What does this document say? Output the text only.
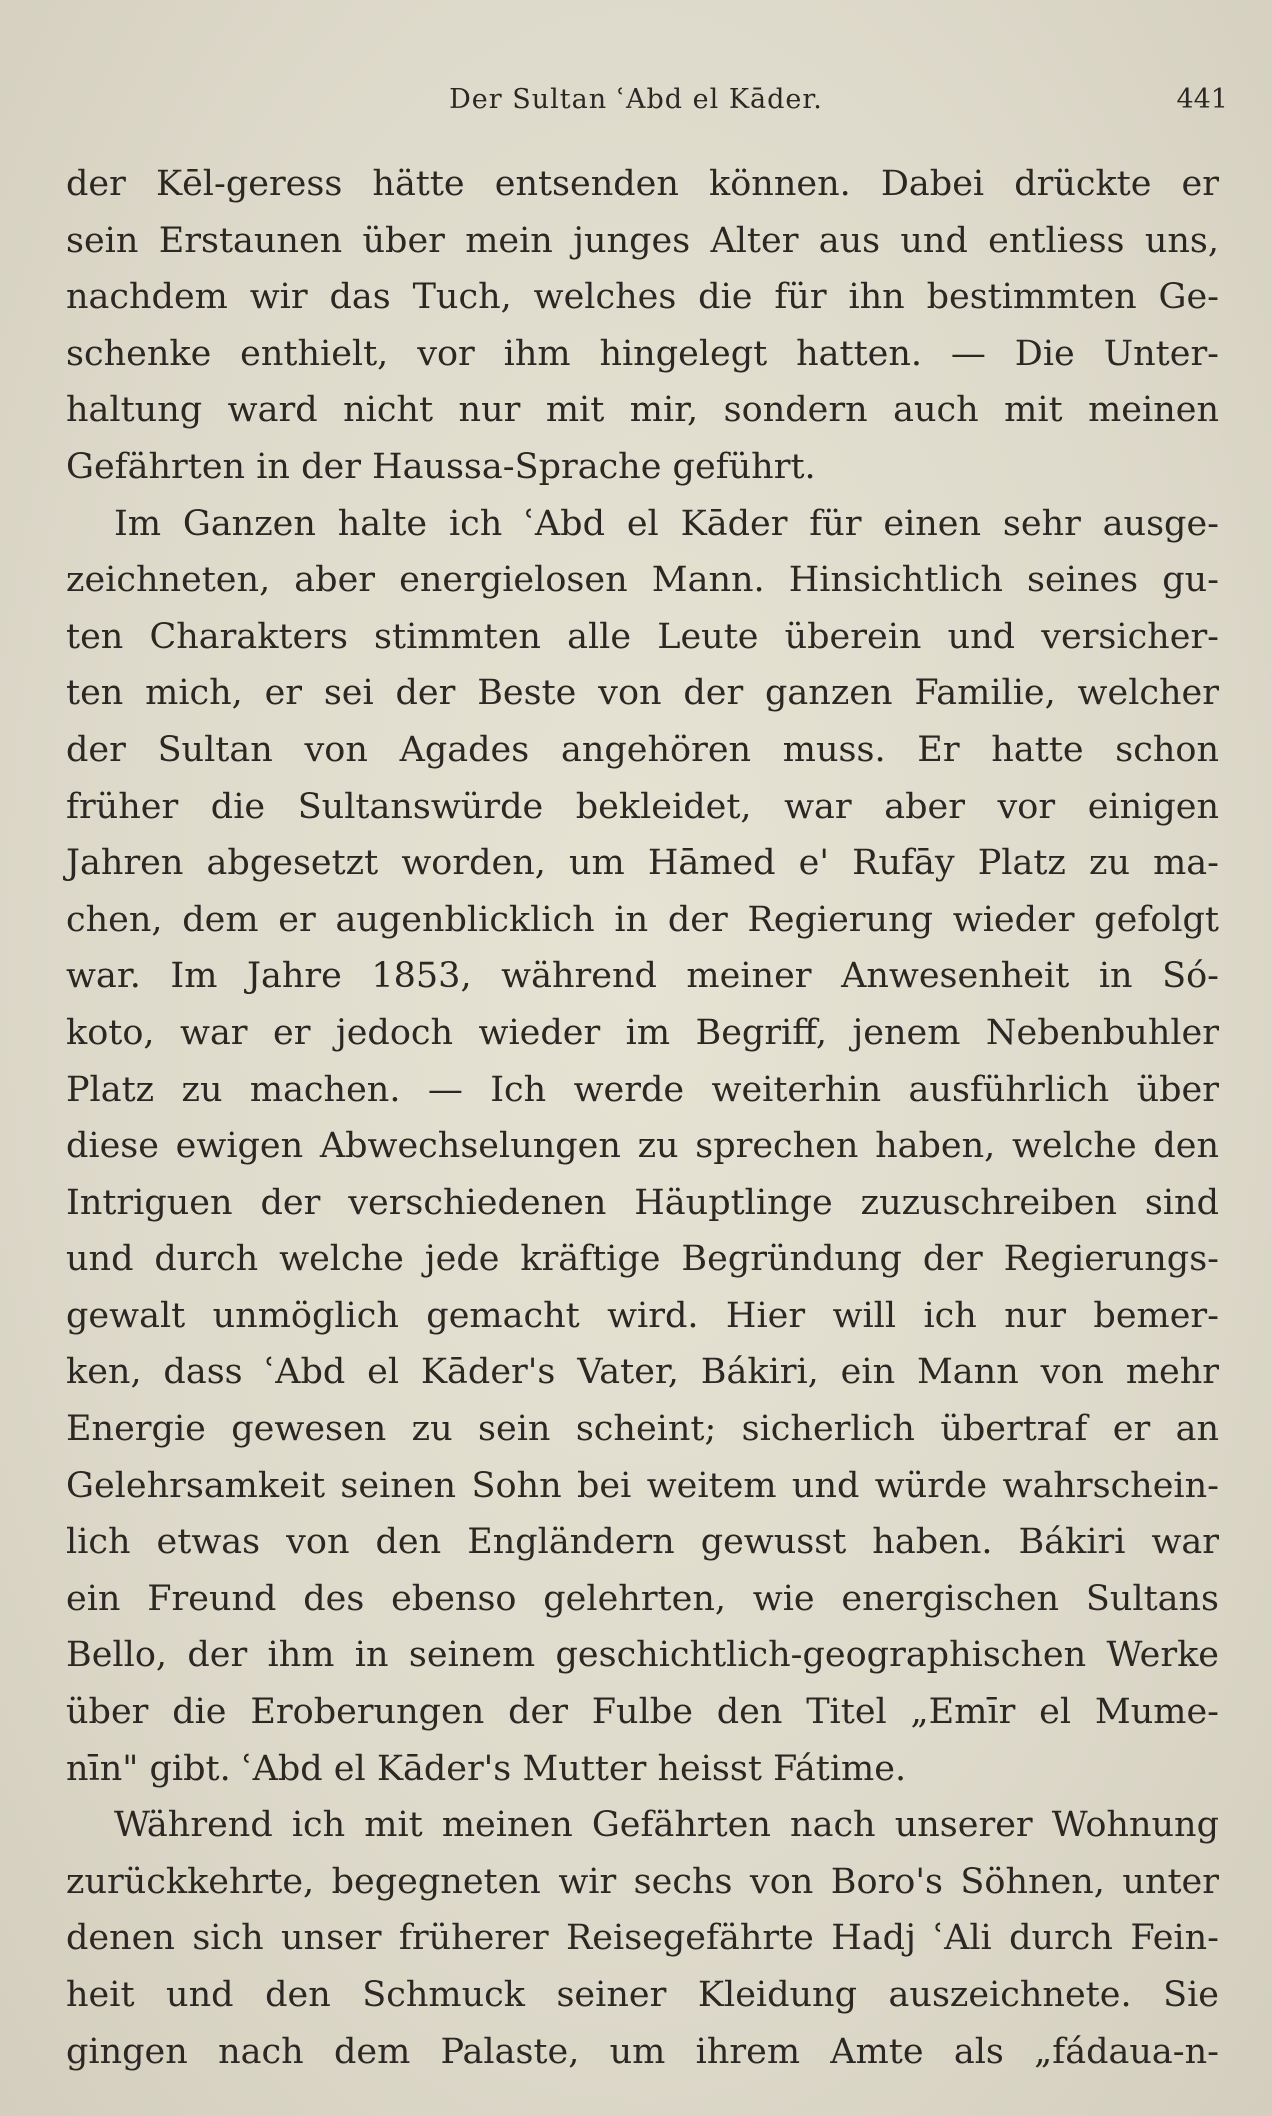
Der Sultan ʿAbd el Kāder.	441
der Kēl-geress hätte entsenden können. Dabei drückte er
sein Erstaunen über mein junges Alter aus und entliess uns,
nachdem wir das Tuch, welches die für ihn bestimmten Ge-
schenke enthielt, vor ihm hingelegt hatten. — Die Unter-
haltung ward nicht nur mit mir, sondern auch mit meinen
Gefährten in der Haussa-Sprache geführt.
Im Ganzen halte ich ʿAbd el Kāder für einen sehr ausge-
zeichneten, aber energielosen Mann. Hinsichtlich seines gu-
ten Charakters stimmten alle Leute überein und versicher-
ten mich, er sei der Beste von der ganzen Familie, welcher
der Sultan von Agades angehören muss. Er hatte schon
früher die Sultanswürde bekleidet, war aber vor einigen
Jahren abgesetzt worden, um Hāmed e' Rufāy Platz zu ma-
chen, dem er augenblicklich in der Regierung wieder gefolgt
war. Im Jahre 1853, während meiner Anwesenheit in Só-
koto, war er jedoch wieder im Begriff, jenem Nebenbuhler
Platz zu machen. — Ich werde weiterhin ausführlich über
diese ewigen Abwechselungen zu sprechen haben, welche den
Intriguen der verschiedenen Häuptlinge zuzuschreiben sind
und durch welche jede kräftige Begründung der Regierungs-
gewalt unmöglich gemacht wird. Hier will ich nur bemer-
ken, dass ʿAbd el Kāder's Vater, Bákiri, ein Mann von mehr
Energie gewesen zu sein scheint; sicherlich übertraf er an
Gelehrsamkeit seinen Sohn bei weitem und würde wahrschein-
lich etwas von den Engländern gewusst haben. Bákiri war
ein Freund des ebenso gelehrten, wie energischen Sultans
Bello, der ihm in seinem geschichtlich-geographischen Werke
über die Eroberungen der Fulbe den Titel „Emīr el Mume-
nīn" gibt. ʿAbd el Kāder's Mutter heisst Fátime.
Während ich mit meinen Gefährten nach unserer Wohnung
zurückkehrte, begegneten wir sechs von Boro's Söhnen, unter
denen sich unser früherer Reisegefährte Hadj ʿAli durch Fein-
heit und den Schmuck seiner Kleidung auszeichnete. Sie
gingen nach dem Palaste, um ihrem Amte als „fádaua-n-
